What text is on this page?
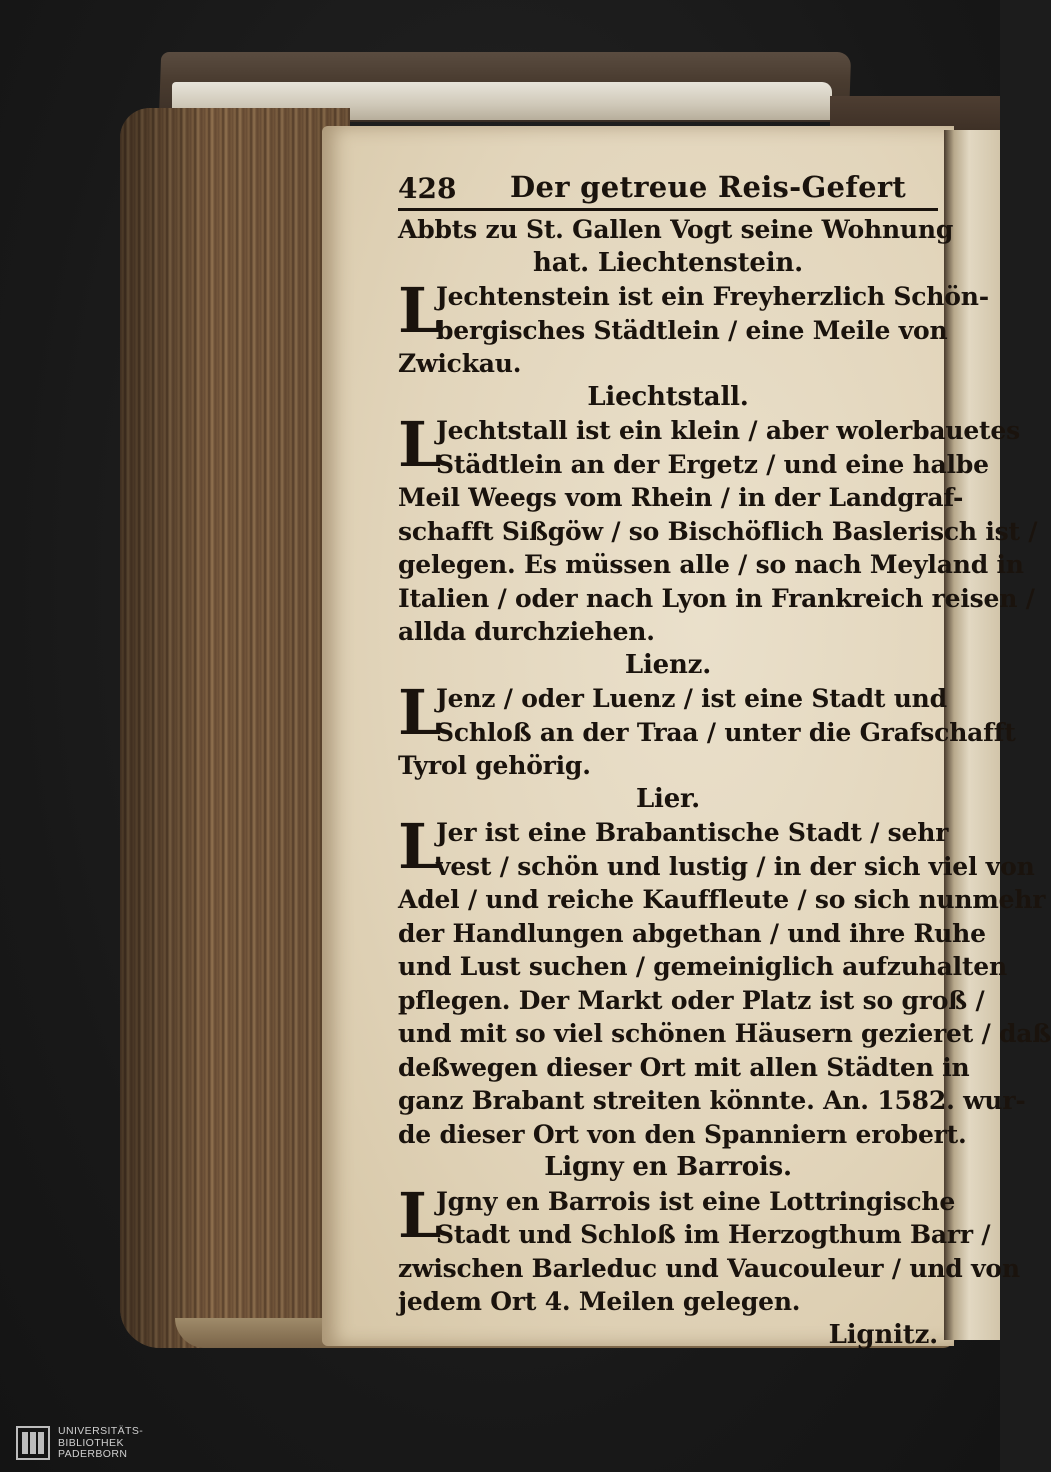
428 Der getreue Reis-Gefert
Abbts zu St. Gallen Vogt seine Wohnung
hat. Liechtenstein.
L
Jechtenstein ist ein Freyherzlich Schön-
bergisches Städtlein / eine Meile von
Zwickau.
Liechtstall.
L
Jechtstall ist ein klein / aber wolerbauetes
Städtlein an der Ergetz / und eine halbe
Meil Weegs vom Rhein / in der Landgraf-
schafft Sißgöw / so Bischöflich Baslerisch ist /
gelegen. Es müssen alle / so nach Meyland in
Italien / oder nach Lyon in Frankreich reisen /
allda durchziehen.
Lienz.
L
Jenz / oder Luenz / ist eine Stadt und
Schloß an der Traa / unter die Grafschafft
Tyrol gehörig.
Lier.
L
Jer ist eine Brabantische Stadt / sehr
vest / schön und lustig / in der sich viel von
Adel / und reiche Kauffleute / so sich nunmehr
der Handlungen abgethan / und ihre Ruhe
und Lust suchen / gemeiniglich aufzuhalten
pflegen. Der Markt oder Platz ist so groß /
und mit so viel schönen Häusern gezieret / daß
deßwegen dieser Ort mit allen Städten in
ganz Brabant streiten könnte. An. 1582. wur-
de dieser Ort von den Spanniern erobert.
Ligny en Barrois.
L
Jgny en Barrois ist eine Lottringische
Stadt und Schloß im Herzogthum Barr /
zwischen Barleduc und Vaucouleur / und von
jedem Ort 4. Meilen gelegen.
Lignitz.
UNIVERSITÄTS-
BIBLIOTHEK
PADERBORN
